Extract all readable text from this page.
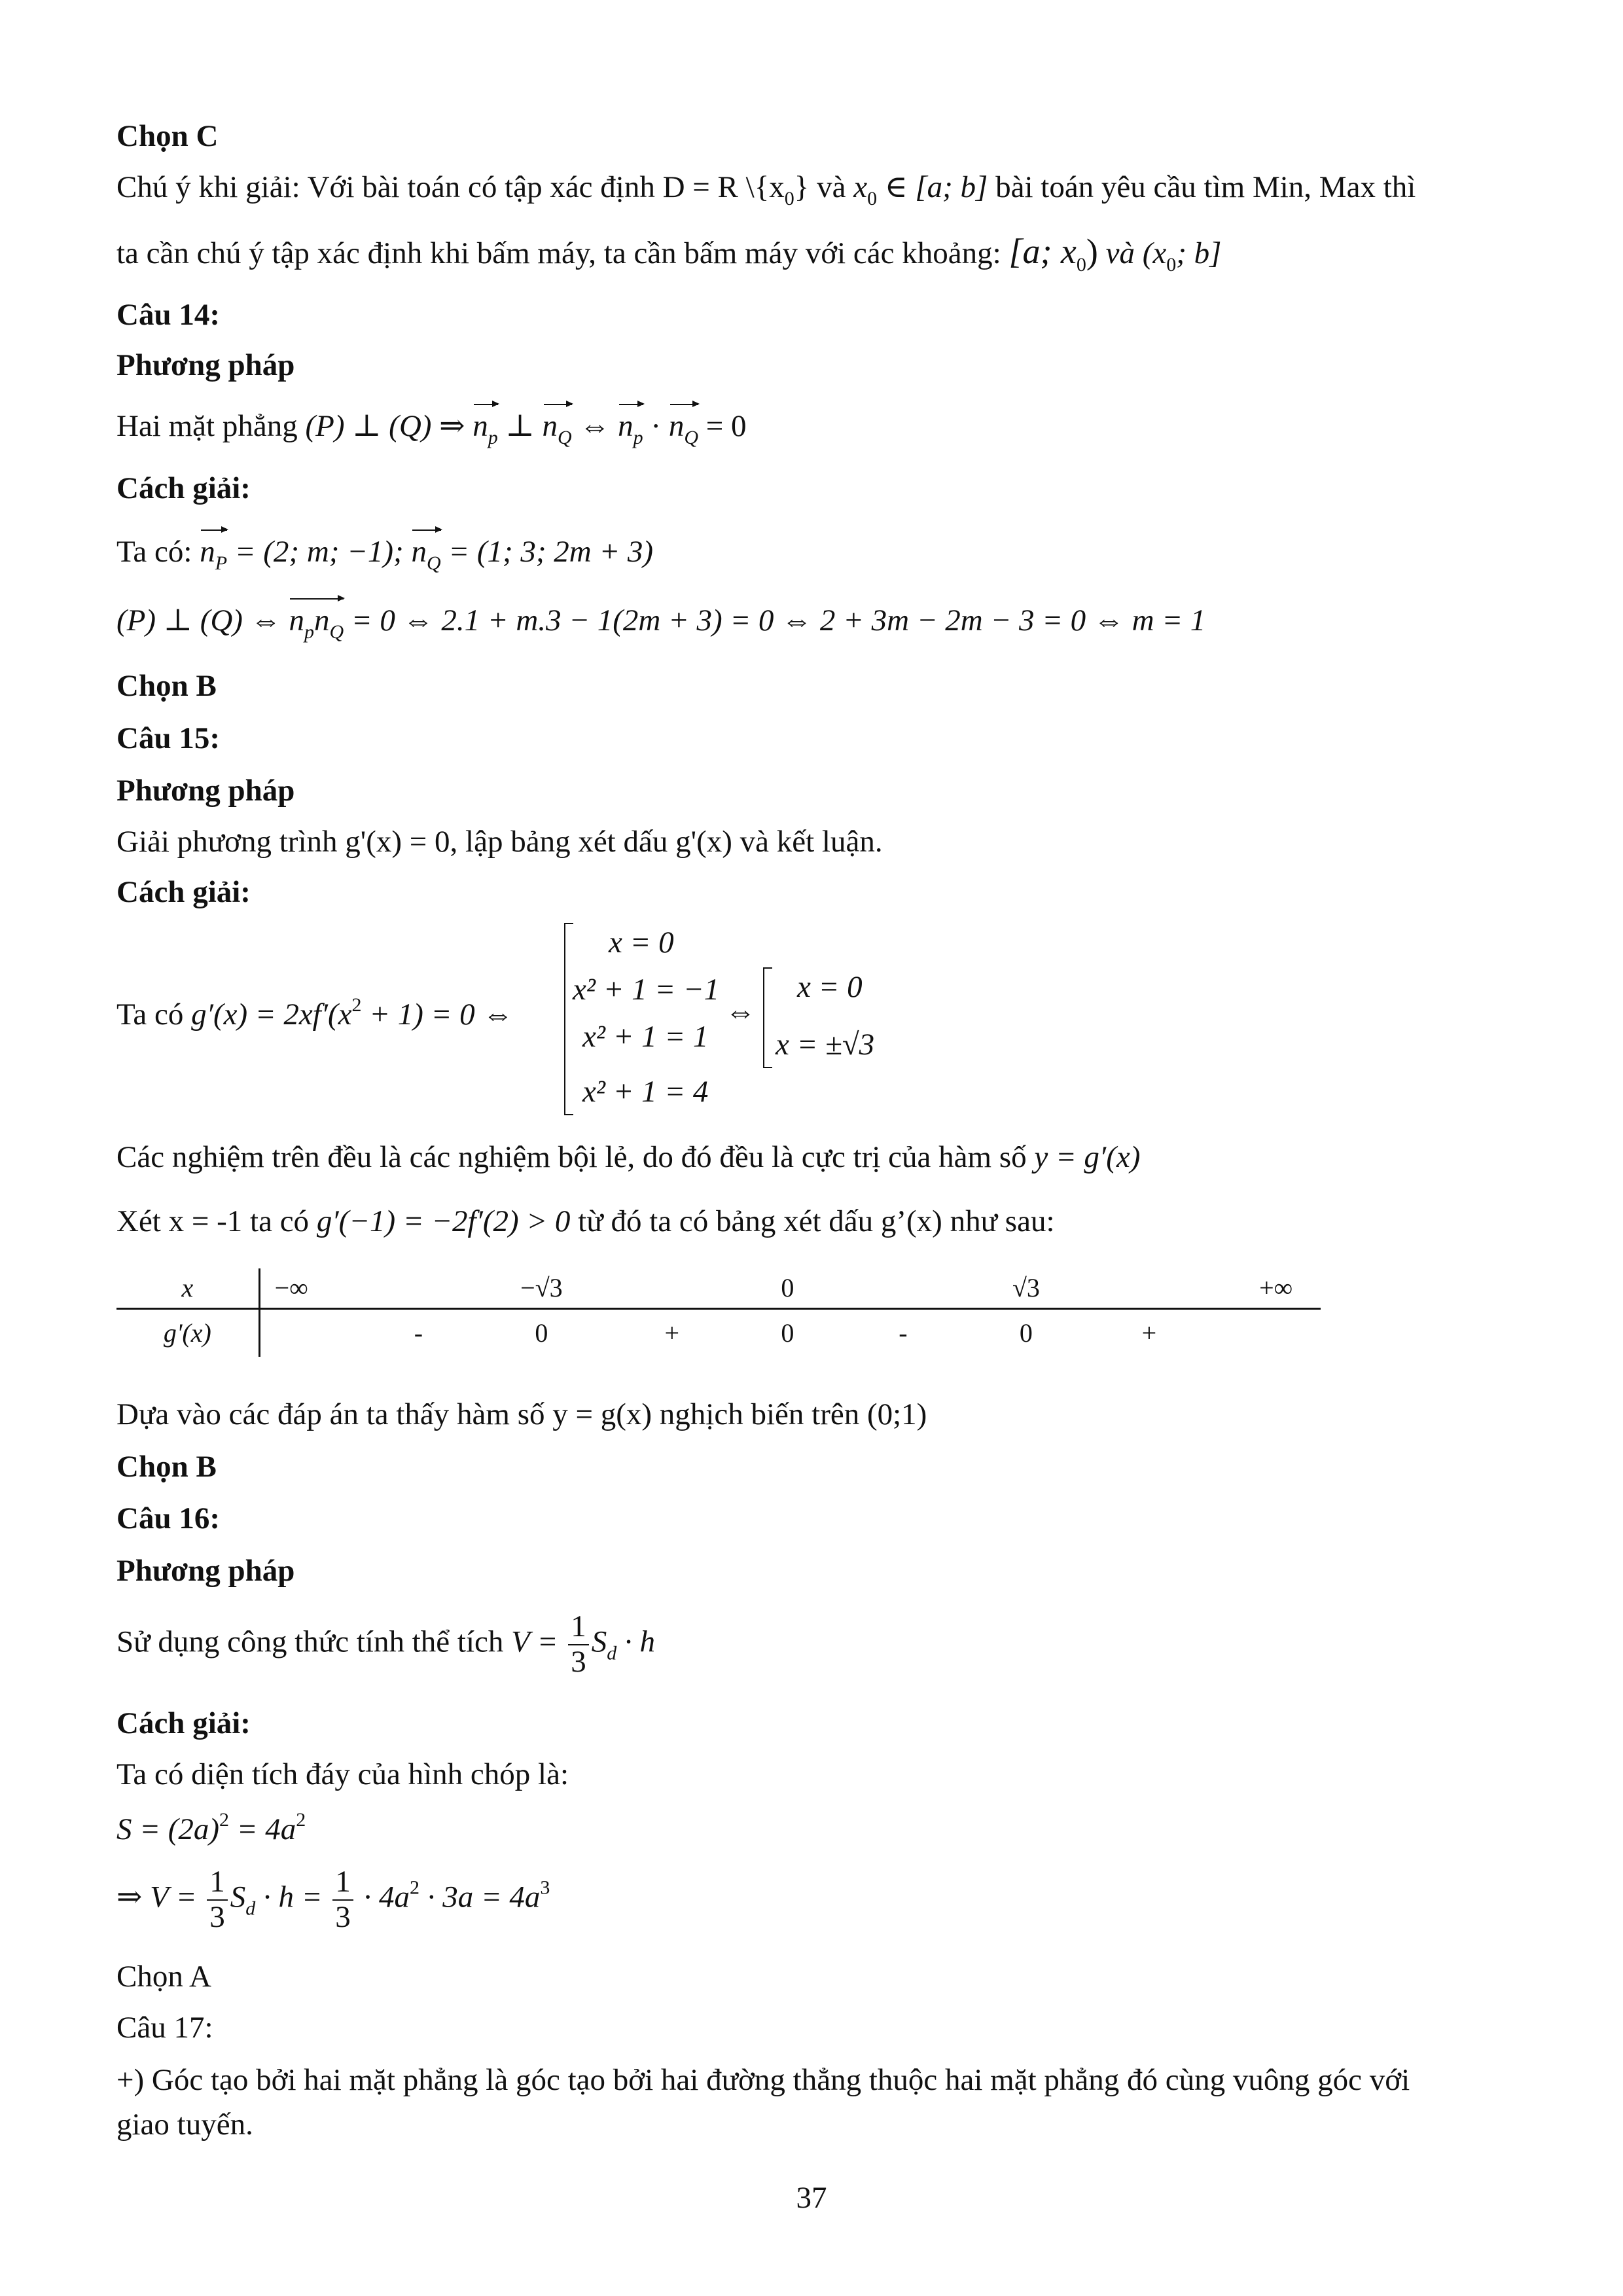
Chọn C
Chú ý khi giải: Với bài toán có tập xác định D = R $\backslash\{x_0\}$ và $x_0$ ∈ [a; b] bài toán yêu cầu tìm Min, Max thì
ta cần chú ý tập xác định khi bấm máy, ta cần bấm máy với các khoảng: [a; $x_0$) và ($x_0$; b]
Câu 14:
Phương pháp
Hai mặt phẳng (P) ⊥ (Q) ⇒ $n_p$ ⊥ $n_Q$ ⇔ $n_p \cdot n_Q = 0$
Cách giải:
Ta có: $n_P = (2$; m; −1); $n_Q = (1$; 3; 2m + 3)
(P) ⊥ (Q) ⇔ $n_pn_Q = 0$ ⇔ 2.1 + m.3 − 1(2m + 3) = 0 ⇔ 2 + 3m − 2m − 3 = 0 ⇔ m = 1
Chọn B
Câu 15:
Phương pháp
Giải phương trình g'(x) = 0, lập bảng xét dấu g'(x) và kết luận.
Cách giải:
Ta có $g'(x) = 2xf'(x^2 + 1) = 0$ ⇔
x = 0
x² + 1 = −1
x² + 1 = 1
x² + 1 = 4
⇔
x = 0
x = ±√3
Các nghiệm trên đều là các nghiệm bội lẻ, do đó đều là cực trị của hàm số y = g′(x)
Xét x = -1 ta có g′(−1) = −2f′(2) > 0 từ đó ta có bảng xét dấu g’(x) như sau:
x	−∞		−√3		0		√3		+∞
g'(x)		-	0	+	0	-	0	+	
Dựa vào các đáp án ta thấy hàm số y = g(x) nghịch biến trên (0;1)
Chọn B
Câu 16:
Phương pháp
Sử dụng công thức tính thể tích $V = \frac{1}{3} S_d \cdot h$
Cách giải:
Ta có diện tích đáy của hình chóp là:
$S = (2a)^2 = 4a^2$
⇒ $V = \frac{1}{3} S_d \cdot h = \frac{1}{3} \cdot 4a^2 \cdot 3a = 4a^3$
Chọn A
Câu 17:
+) Góc tạo bởi hai mặt phẳng là góc tạo bởi hai đường thẳng thuộc hai mặt phẳng đó cùng vuông góc với
giao tuyến.
37
